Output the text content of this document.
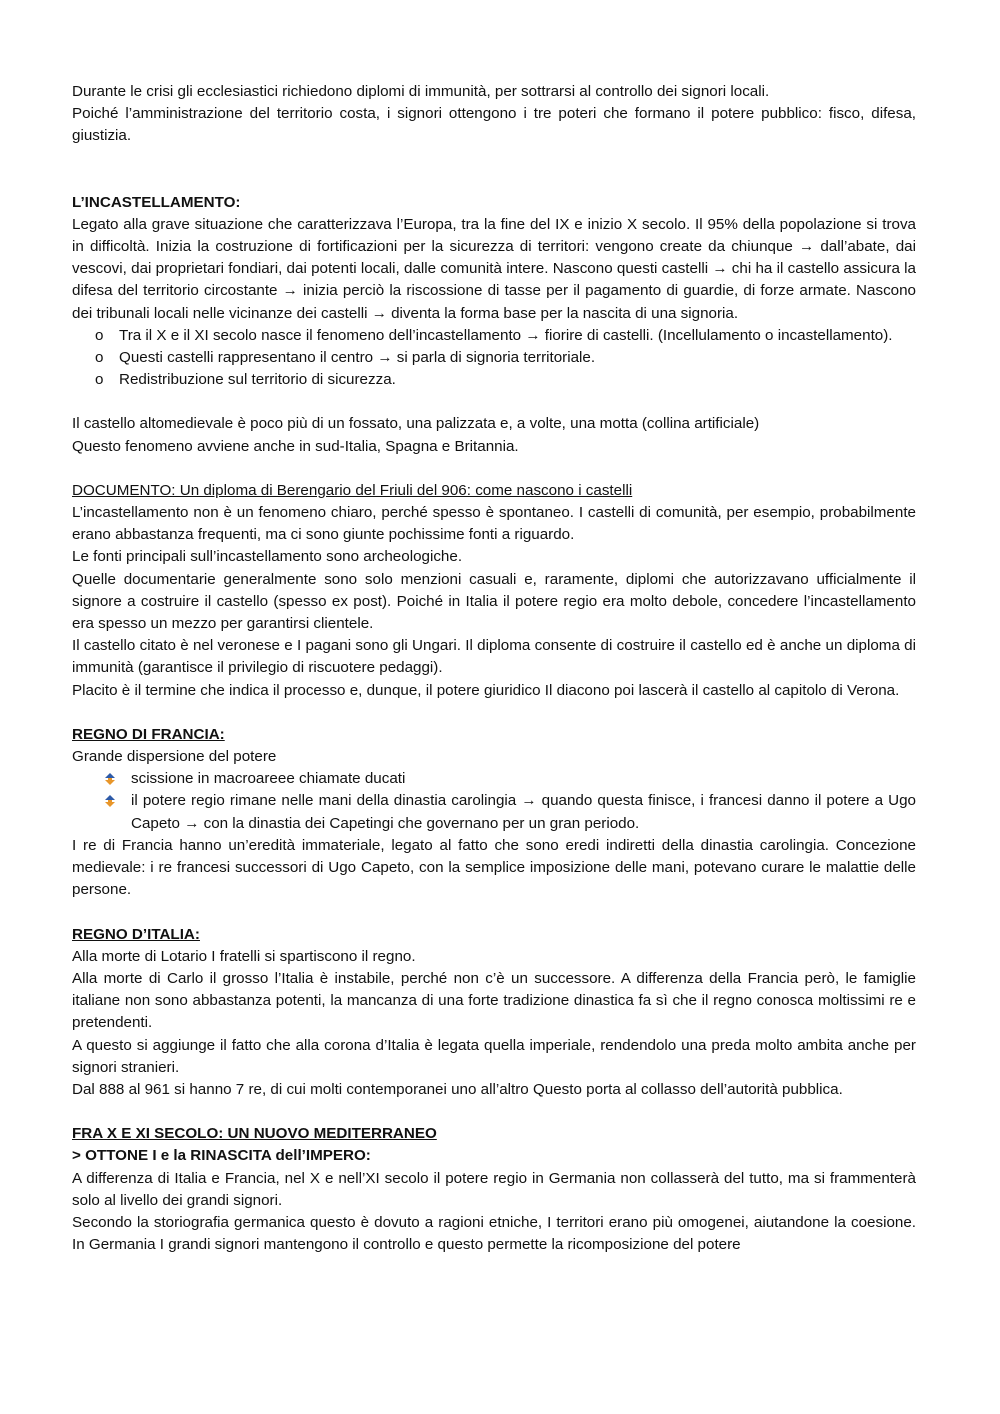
Durante le crisi gli ecclesiastici richiedono diplomi di immunità, per sottrarsi al controllo dei signori locali.

Poiché l’amministrazione del territorio costa, i signori ottengono i tre poteri che formano il potere pubblico: fisco, difesa, giustizia.

L’INCASTELLAMENTO:

Legato alla grave situazione che caratterizzava l’Europa, tra la fine del IX e inizio X secolo. Il 95% della popolazione si trova in difficoltà. Inizia la costruzione di fortificazioni per la sicurezza di territori: vengono create da chiunque → dall’abate, dai vescovi, dai proprietari fondiari, dai potenti locali, dalle comunità intere. Nascono questi castelli → chi ha il castello assicura la difesa del territorio circostante → inizia perciò la riscossione di tasse per il pagamento di guardie, di forze armate. Nascono dei tribunali locali nelle vicinanze dei castelli → diventa la forma base per la nascita di una signoria.

o Tra il X e il XI secolo nasce il fenomeno dell’incastellamento → fiorire di castelli. (Incellulamento o incastellamento).
o Questi castelli rappresentano il centro → si parla di signoria territoriale.
o Redistribuzione sul territorio di sicurezza.

Il castello altomedievale è poco più di un fossato, una palizzata e, a volte, una motta (collina artificiale)

Questo fenomeno avviene anche in sud-Italia, Spagna e Britannia.

DOCUMENTO: Un diploma di Berengario del Friuli del 906: come nascono i castelli

L’incastellamento non è un fenomeno chiaro, perché spesso è spontaneo. I castelli di comunità, per esempio, probabilmente erano abbastanza frequenti, ma ci sono giunte pochissime fonti a riguardo.

Le fonti principali sull’incastellamento sono archeologiche.

Quelle documentarie generalmente sono solo menzioni casuali e, raramente, diplomi che autorizzavano ufficialmente il signore a costruire il castello (spesso ex post). Poiché in Italia il potere regio era molto debole, concedere l’incastellamento era spesso un mezzo per garantirsi clientele.

Il castello citato è nel veronese e I pagani sono gli Ungari. Il diploma consente di costruire il castello ed è anche un diploma di immunità (garantisce il privilegio di riscuotere pedaggi).

Placito è il termine che indica il processo e, dunque, il potere giuridico Il diacono poi lascerà il castello al capitolo di Verona.

REGNO DI FRANCIA:

Grande dispersione del potere

scissione in macroareee chiamate ducati
il potere regio rimane nelle mani della dinastia carolingia → quando questa finisce, i francesi danno il potere a Ugo Capeto → con la dinastia dei Capetingi che governano per un gran periodo.

I re di Francia hanno un’eredità immateriale, legato al fatto che sono eredi indiretti della dinastia carolingia. Concezione medievale: i re francesi successori di Ugo Capeto, con la semplice imposizione delle mani, potevano curare le malattie delle persone.

REGNO D’ITALIA:

Alla morte di Lotario I fratelli si spartiscono il regno.

Alla morte di Carlo il grosso l’Italia è instabile, perché non c’è un successore. A differenza della Francia però, le famiglie italiane non sono abbastanza potenti, la mancanza di una forte tradizione dinastica fa sì che il regno conosca moltissimi re e pretendenti.

A questo si aggiunge il fatto che alla corona d’Italia è legata quella imperiale, rendendolo una preda molto ambita anche per signori stranieri.

Dal 888 al 961 si hanno 7 re, di cui molti contemporanei uno all’altro Questo porta al collasso dell’autorità pubblica.

FRA X E XI SECOLO: UN NUOVO MEDITERRANEO

> OTTONE I e la RINASCITA dell’IMPERO:

A differenza di Italia e Francia, nel X e nell’XI secolo il potere regio in Germania non collasserà del tutto, ma si frammenterà solo al livello dei grandi signori.

Secondo la storiografia germanica questo è dovuto a ragioni etniche, I territori erano più omogenei, aiutandone la coesione. In Germania I grandi signori mantengono il controllo e questo permette la ricomposizione del potere
